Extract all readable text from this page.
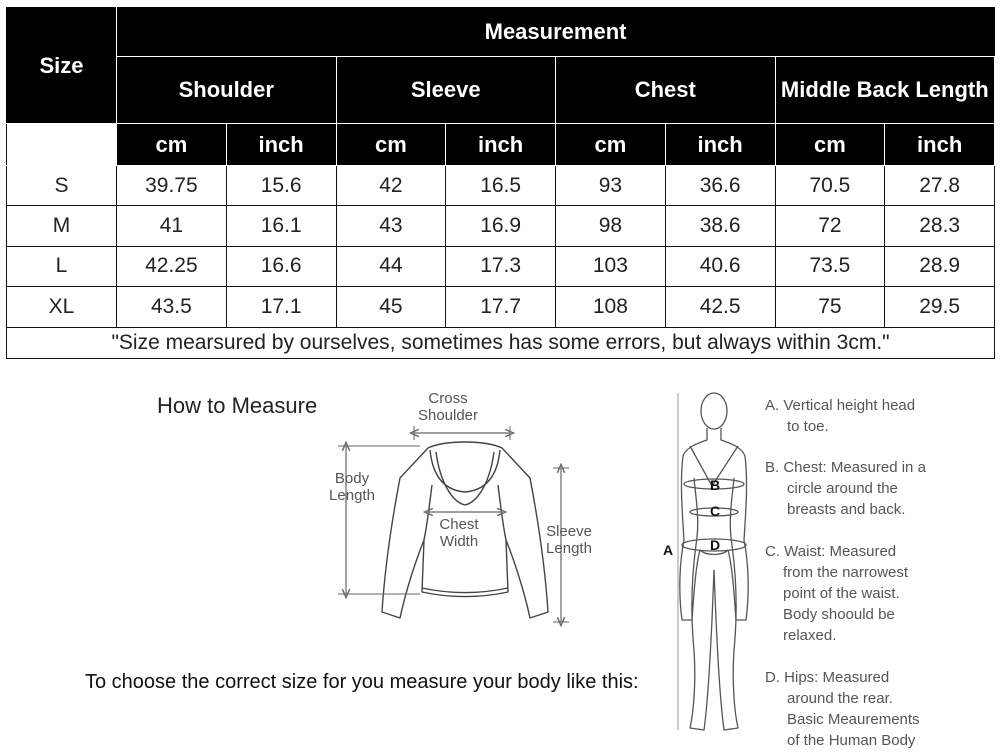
Size	Measurement							
	Shoulder		Sleeve		Chest		Middle Back Length	
	cm	inch	cm	inch	cm	inch	cm	inch
S	39.75	15.6	42	16.5	93	36.6	70.5	27.8
M	41	16.1	43	16.9	98	38.6	72	28.3
L	42.25	16.6	44	17.3	103	40.6	73.5	28.9
XL	43.5	17.1	45	17.7	108	42.5	75	29.5
"Size mearsured by ourselves, sometimes has some errors, but always within 3cm."								
How to Measure
To choose the correct size for you measure your body like this:
Cross
Shoulder
Body
Length
Chest
Width
Sleeve
Length	A
B
C
D
A. Vertical height head
to toe.
B. Chest: Measured in a
circle around the
breasts and back.
C. Waist: Measured
from the narrowest
point of the waist.
Body shoould be
relaxed.
D. Hips: Measured
around the rear.
Basic Meaurements
of the Human Body
